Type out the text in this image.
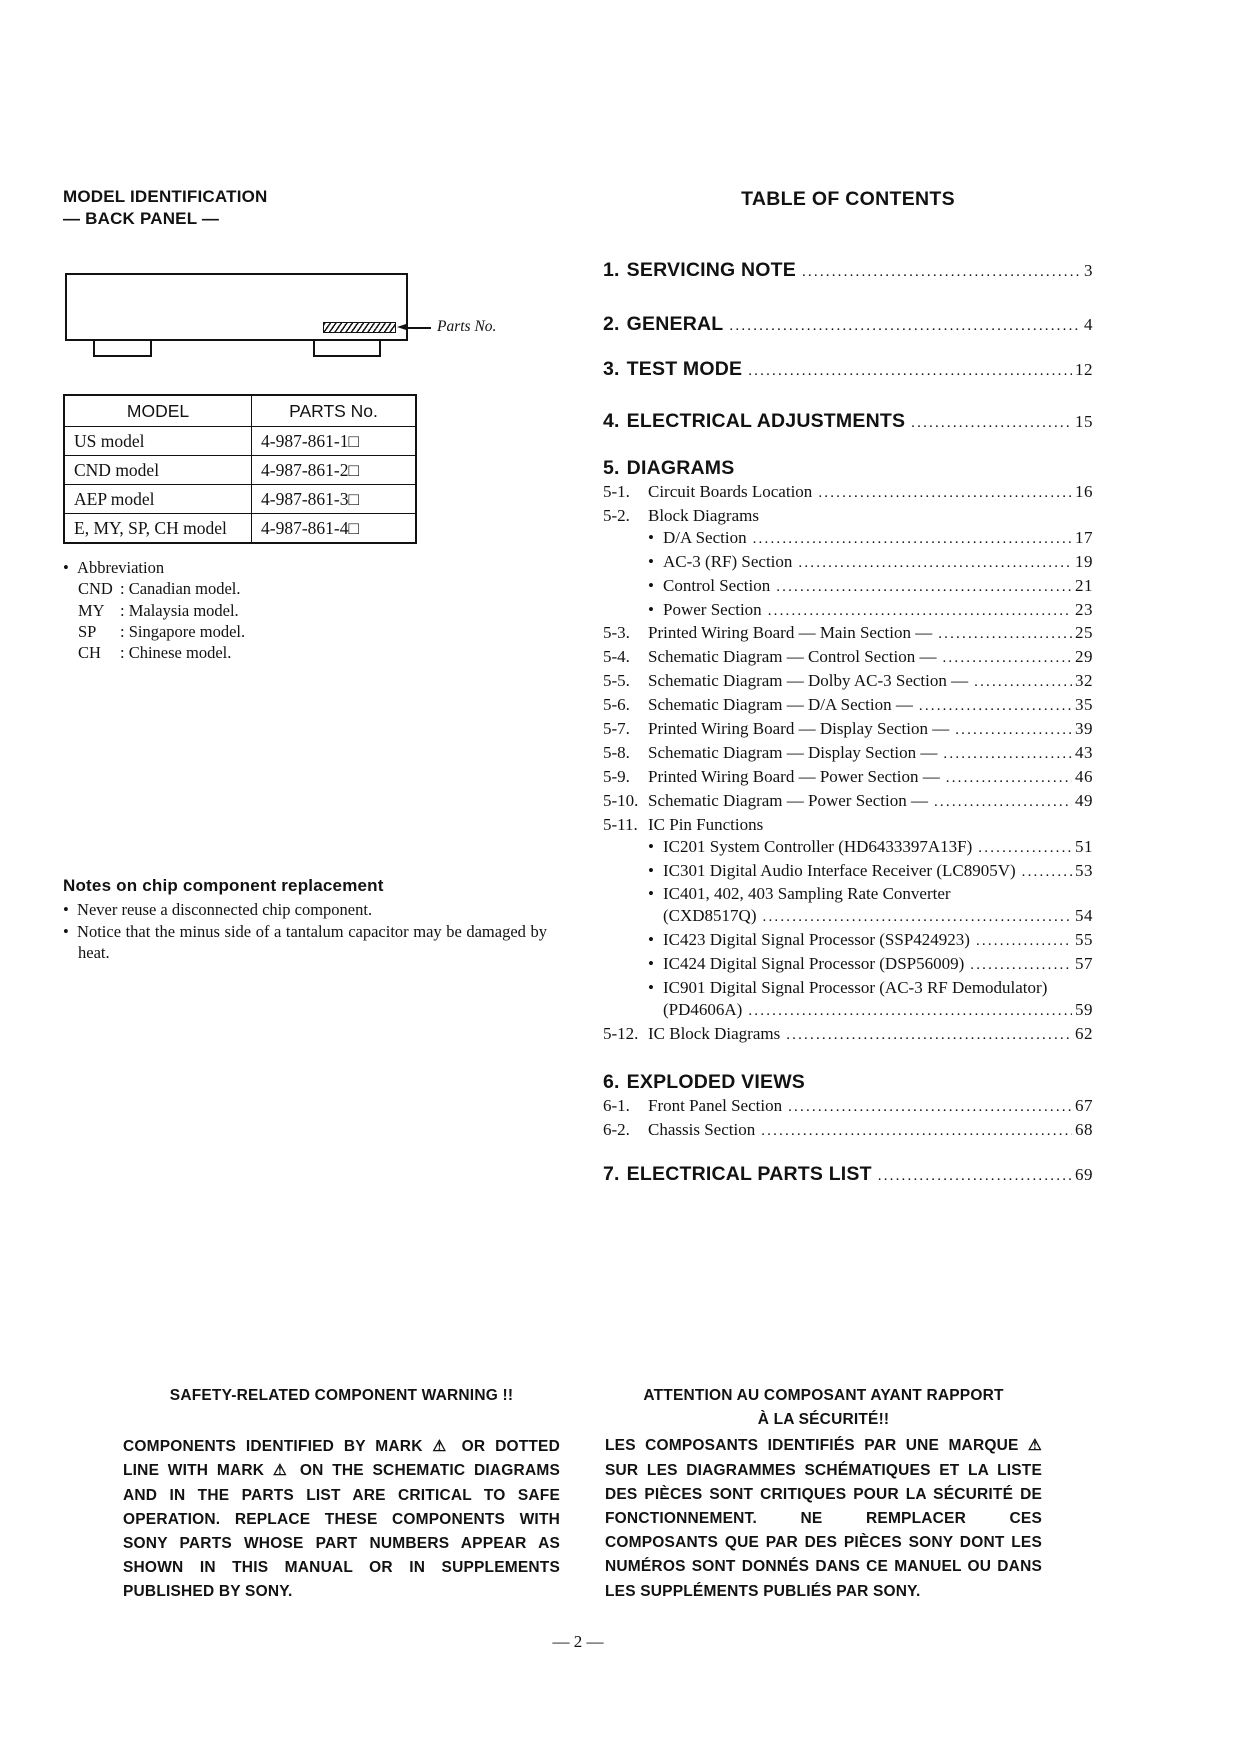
MODEL IDENTIFICATION
— BACK PANEL —
Parts No.
MODEL	PARTS No.
US model	4-987-861-1□
CND model	4-987-861-2□
AEP model	4-987-861-3□
E, MY, SP, CH model	4-987-861-4□
• Abbreviation
CND : Canadian model.
MY : Malaysia model.
SP : Singapore model.
CH : Chinese model.
Notes on chip component replacement
• Never reuse a disconnected chip component.
• Notice that the minus side of a tantalum capacitor may be damaged by heat.
TABLE OF CONTENTS
1. SERVICING NOTE .....	3
2. GENERAL .....	4
3. TEST MODE .....	12
4. ELECTRICAL ADJUSTMENTS .....	15
5. DIAGRAMS
5-1.	Circuit Boards Location .....	16
5-2.	Block Diagrams
•
D/A Section .....	17
•
AC-3 (RF) Section .....	19
•
Control Section .....	21
•
Power Section .....	23
5-3.	Printed Wiring Board — Main Section — .....	25
5-4.	Schematic Diagram — Control Section — .....	29
5-5.	Schematic Diagram — Dolby AC-3 Section — .....	32
5-6.	Schematic Diagram — D/A Section — .....	35
5-7.	Printed Wiring Board — Display Section — .....	39
5-8.	Schematic Diagram — Display Section — .....	43
5-9.	Printed Wiring Board — Power Section — .....	46
5-10. Schematic Diagram — Power Section — .....	49
5-11. IC Pin Functions
•
IC201 System Controller (HD6433397A13F) .....	51
•
IC301 Digital Audio Interface Receiver (LC8905V) .....	53
•
IC401, 402, 403 Sampling Rate Converter
(CXD8517Q) .....	54
•
IC423 Digital Signal Processor (SSP424923) .....	55
•
IC424 Digital Signal Processor (DSP56009) .....	57
•
IC901 Digital Signal Processor (AC-3 RF Demodulator)
(PD4606A) .....	59
5-12. IC Block Diagrams .....	62
6. EXPLODED VIEWS
6-1.	Front Panel Section .....	67
6-2.	Chassis Section .....	68
7. ELECTRICAL PARTS LIST .....	69
SAFETY-RELATED COMPONENT WARNING !!

COMPONENTS IDENTIFIED BY MARK ⚠ OR DOTTED LINE WITH MARK ⚠ ON THE SCHEMATIC DIAGRAMS AND IN THE PARTS LIST ARE CRITICAL TO SAFE OPERATION. REPLACE THESE COMPONENTS WITH SONY PARTS WHOSE PART NUMBERS APPEAR AS SHOWN IN THIS MANUAL OR IN SUPPLEMENTS PUBLISHED BY SONY.

ATTENTION AU COMPOSANT AYANT RAPPORT
À LA SÉCURITÉ!!

LES COMPOSANTS IDENTIFIÉS PAR UNE MARQUE ⚠ SUR LES DIAGRAMMES SCHÉMATIQUES ET LA LISTE DES PIÈCES SONT CRITIQUES POUR LA SÉCURITÉ DE FONCTIONNEMENT. NE REMPLACER CES COMPOSANTS QUE PAR DES PIÈCES SONY DONT LES NUMÉROS SONT DONNÉS DANS CE MANUEL OU DANS LES SUPPLÉMENTS PUBLIÉS PAR SONY.

— 2 —
